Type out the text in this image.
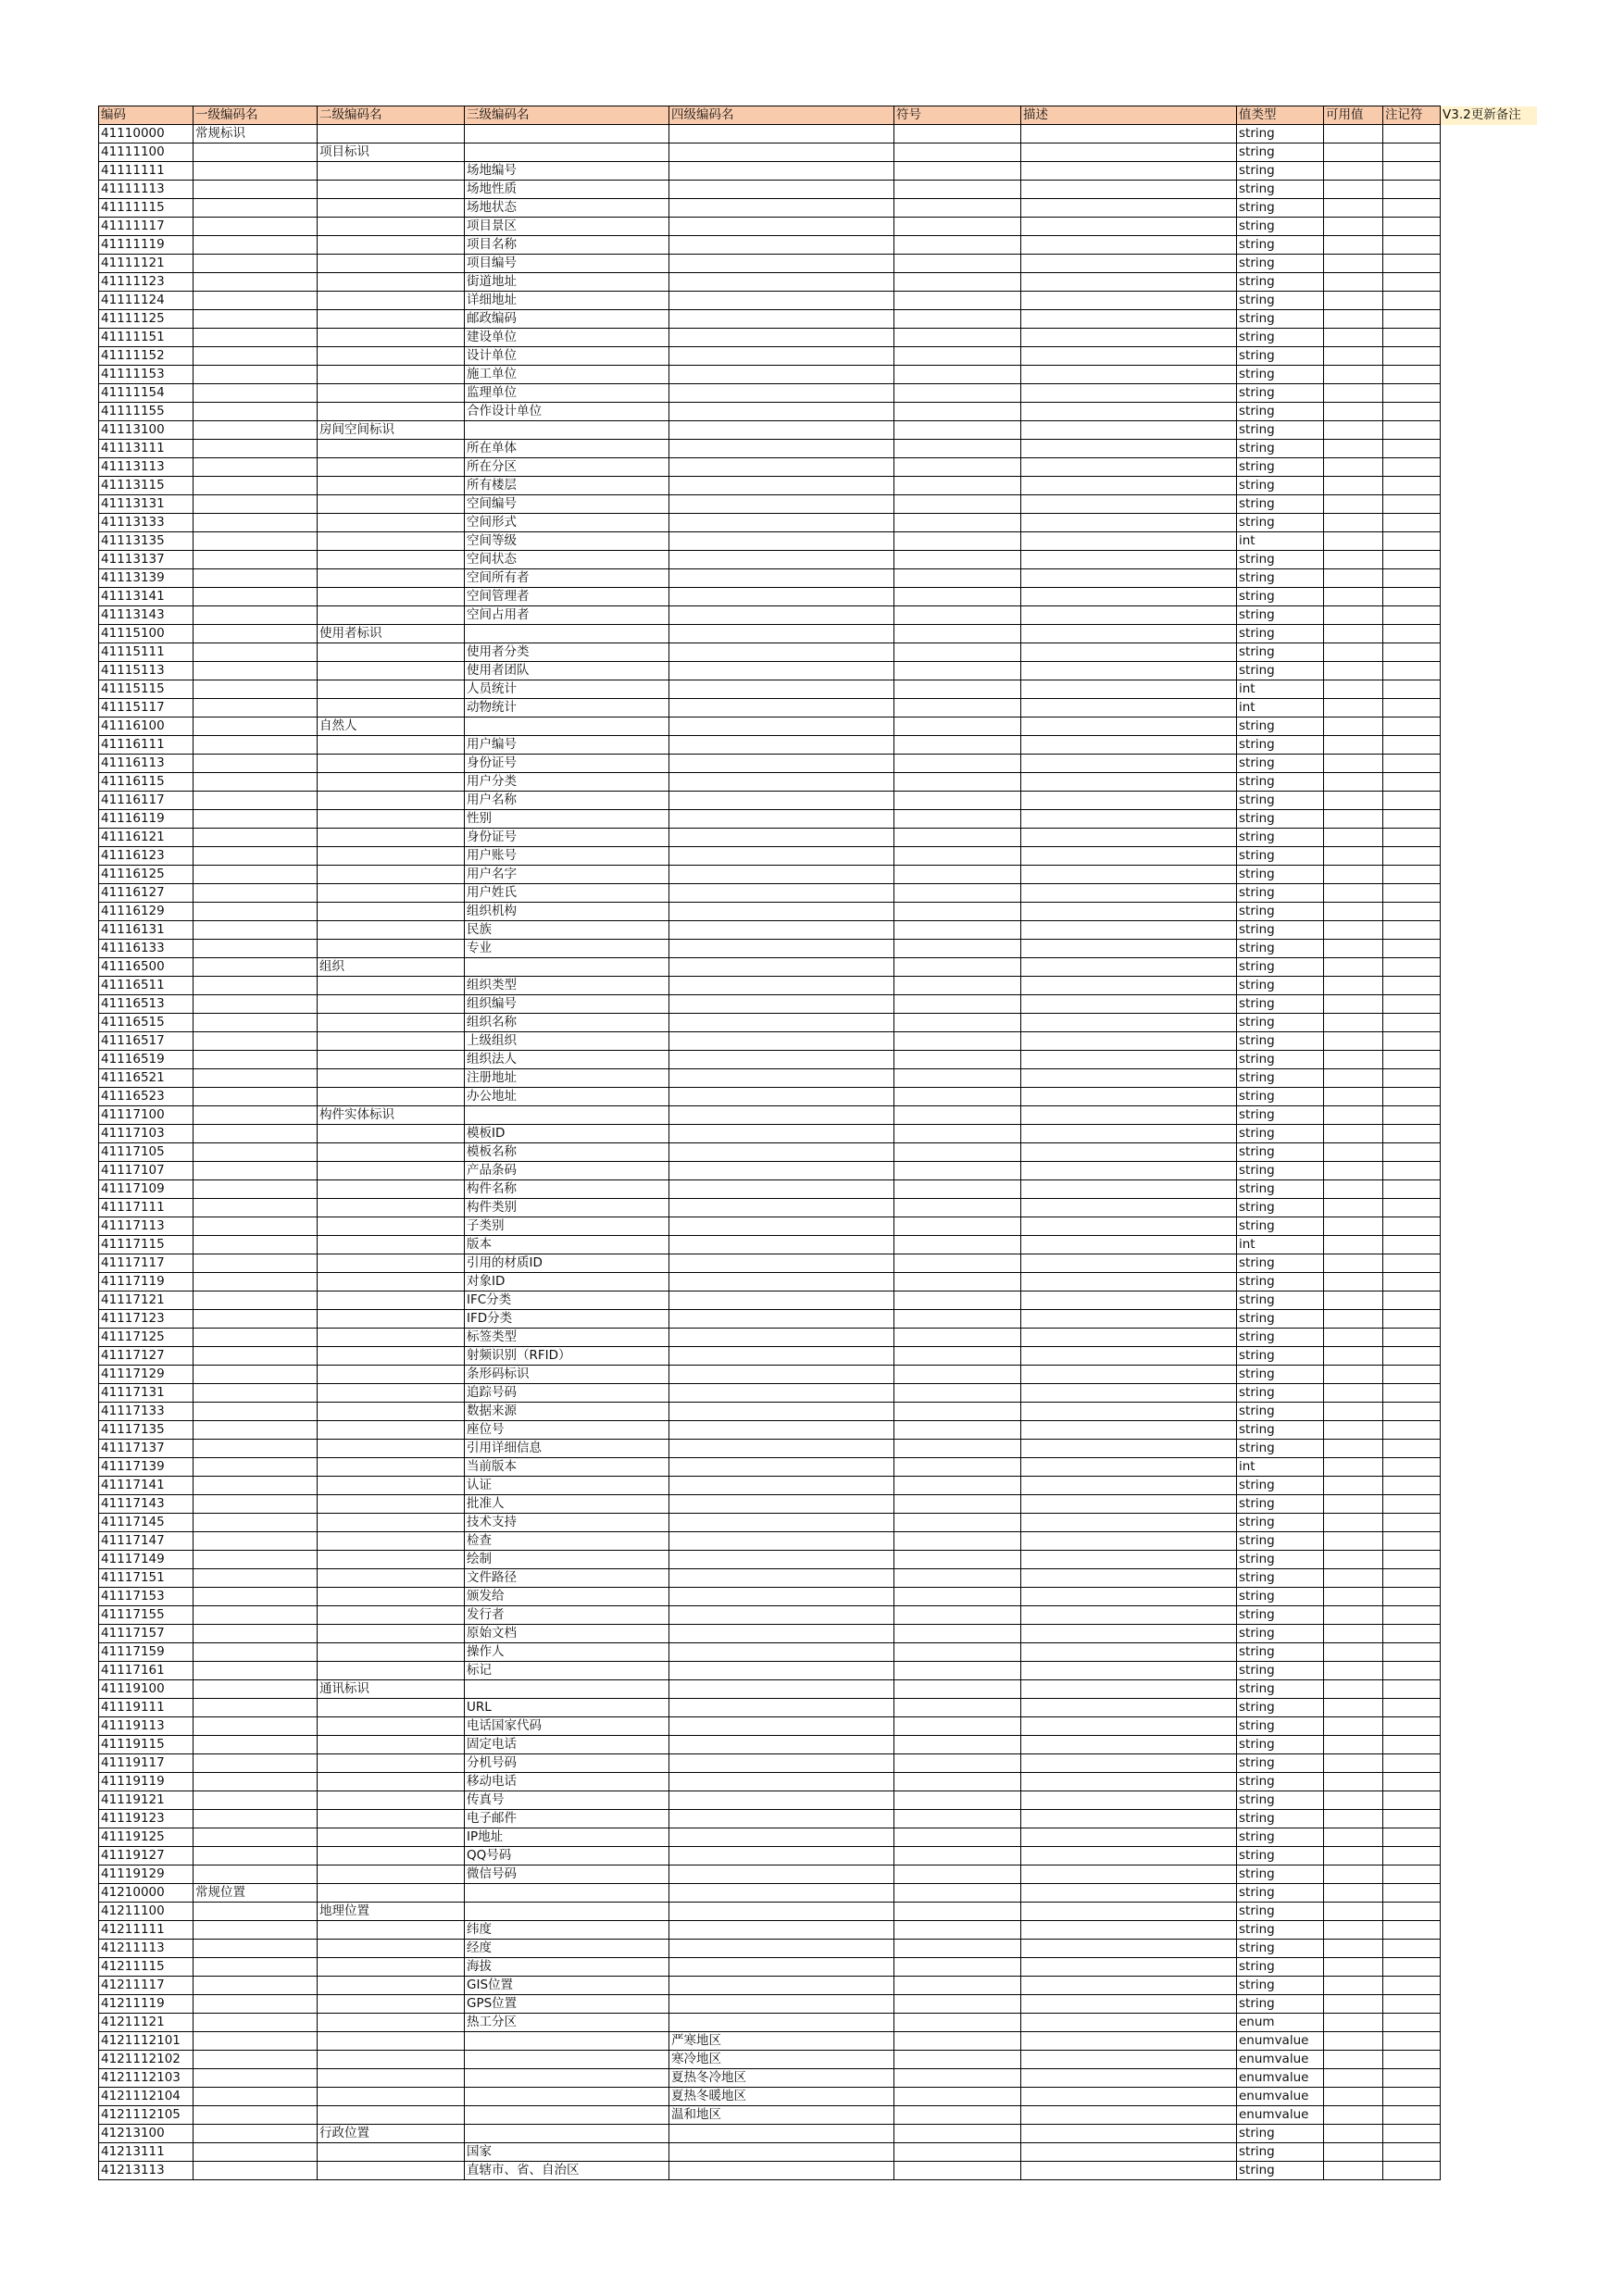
编码	一级编码名	二级编码名	三级编码名	四级编码名	符号	描述	值类型	可用值	注记符	V3.2更新备注
41110000	常规标识						string			
41111100		项目标识					string			
41111111			场地编号				string			
41111113			场地性质				string			
41111115			场地状态				string			
41111117			项目景区				string			
41111119			项目名称				string			
41111121			项目编号				string			
41111123			街道地址				string			
41111124			详细地址				string			
41111125			邮政编码				string			
41111151			建设单位				string			
41111152			设计单位				string			
41111153			施工单位				string			
41111154			监理单位				string			
41111155			合作设计单位				string			
41113100		房间空间标识					string			
41113111			所在单体				string			
41113113			所在分区				string			
41113115			所有楼层				string			
41113131			空间编号				string			
41113133			空间形式				string			
41113135			空间等级				int			
41113137			空间状态				string			
41113139			空间所有者				string			
41113141			空间管理者				string			
41113143			空间占用者				string			
41115100		使用者标识					string			
41115111			使用者分类				string			
41115113			使用者团队				string			
41115115			人员统计				int			
41115117			动物统计				int			
41116100		自然人					string			
41116111			用户编号				string			
41116113			身份证号				string			
41116115			用户分类				string			
41116117			用户名称				string			
41116119			性别				string			
41116121			身份证号				string			
41116123			用户账号				string			
41116125			用户名字				string			
41116127			用户姓氏				string			
41116129			组织机构				string			
41116131			民族				string			
41116133			专业				string			
41116500		组织					string			
41116511			组织类型				string			
41116513			组织编号				string			
41116515			组织名称				string			
41116517			上级组织				string			
41116519			组织法人				string			
41116521			注册地址				string			
41116523			办公地址				string			
41117100		构件实体标识					string			
41117103			模板ID				string			
41117105			模板名称				string			
41117107			产品条码				string			
41117109			构件名称				string			
41117111			构件类别				string			
41117113			子类别				string			
41117115			版本				int			
41117117			引用的材质ID				string			
41117119			对象ID				string			
41117121			IFC分类				string			
41117123			IFD分类				string			
41117125			标签类型				string			
41117127			射频识别（RFID）				string			
41117129			条形码标识				string			
41117131			追踪号码				string			
41117133			数据来源				string			
41117135			座位号				string			
41117137			引用详细信息				string			
41117139			当前版本				int			
41117141			认证				string			
41117143			批准人				string			
41117145			技术支持				string			
41117147			检查				string			
41117149			绘制				string			
41117151			文件路径				string			
41117153			颁发给				string			
41117155			发行者				string			
41117157			原始文档				string			
41117159			操作人				string			
41117161			标记				string			
41119100		通讯标识					string			
41119111			URL				string			
41119113			电话国家代码				string			
41119115			固定电话				string			
41119117			分机号码				string			
41119119			移动电话				string			
41119121			传真号				string			
41119123			电子邮件				string			
41119125			IP地址				string			
41119127			QQ号码				string			
41119129			微信号码				string			
41210000	常规位置						string			
41211100		地理位置					string			
41211111			纬度				string			
41211113			经度				string			
41211115			海拔				string			
41211117			GIS位置				string			
41211119			GPS位置				string			
41211121			热工分区				enum			
4121112101				严寒地区			enumvalue			
4121112102				寒冷地区			enumvalue			
4121112103				夏热冬冷地区			enumvalue			
4121112104				夏热冬暖地区			enumvalue			
4121112105				温和地区			enumvalue			
41213100		行政位置					string			
41213111			国家				string			
41213113			直辖市、省、自治区				string			
